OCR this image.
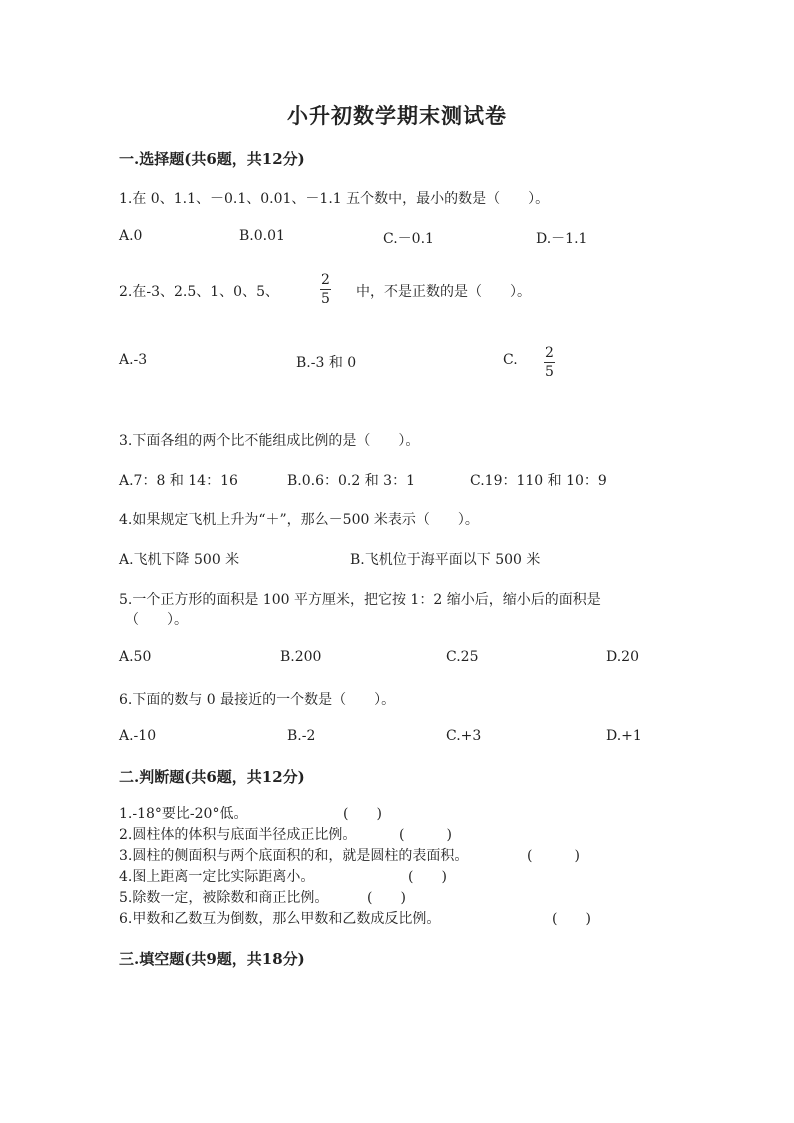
小升初数学期末测试卷
一.选择题(共6题，共12分)
1.在 0、1.1、－0.1、0.01、－1.1 五个数中，最小的数是（　　）。
A.0	B.0.01	C.－0.1	D.－1.1
2.在-3、2.5、1、0、5、
2
5 中，不是正数的是（　　）。
A.-3	B.-3 和 0	C. 2
5
3.下面各组的两个比不能组成比例的是（　　）。
A.7：8 和 14：16	B.0.6：0.2 和 3：1	C.19：110 和 10：9
4.如果规定飞机上升为“＋”，那么－500 米表示（　　）。
A.飞机下降 500 米	B.飞机位于海平面以下 500 米
5.一个正方形的面积是 100 平方厘米，把它按 1：2 缩小后，缩小后的面积是
（　　）。
A.50	B.200	C.25	D.20
6.下面的数与 0 最接近的一个数是（　　）。
A.-10	B.-2	C.+3	D.+1
二.判断题(共6题，共12分)
1.-18°要比-20°低。	(　　)
2.圆柱体的体积与底面半径成正比例。	(　　　)
3.圆柱的侧面积与两个底面积的和，就是圆柱的表面积。	(　　　)
4.图上距离一定比实际距离小。	(　　)
5.除数一定，被除数和商正比例。	(　　)
6.甲数和乙数互为倒数，那么甲数和乙数成反比例。	(　　)
三.填空题(共9题，共18分)
